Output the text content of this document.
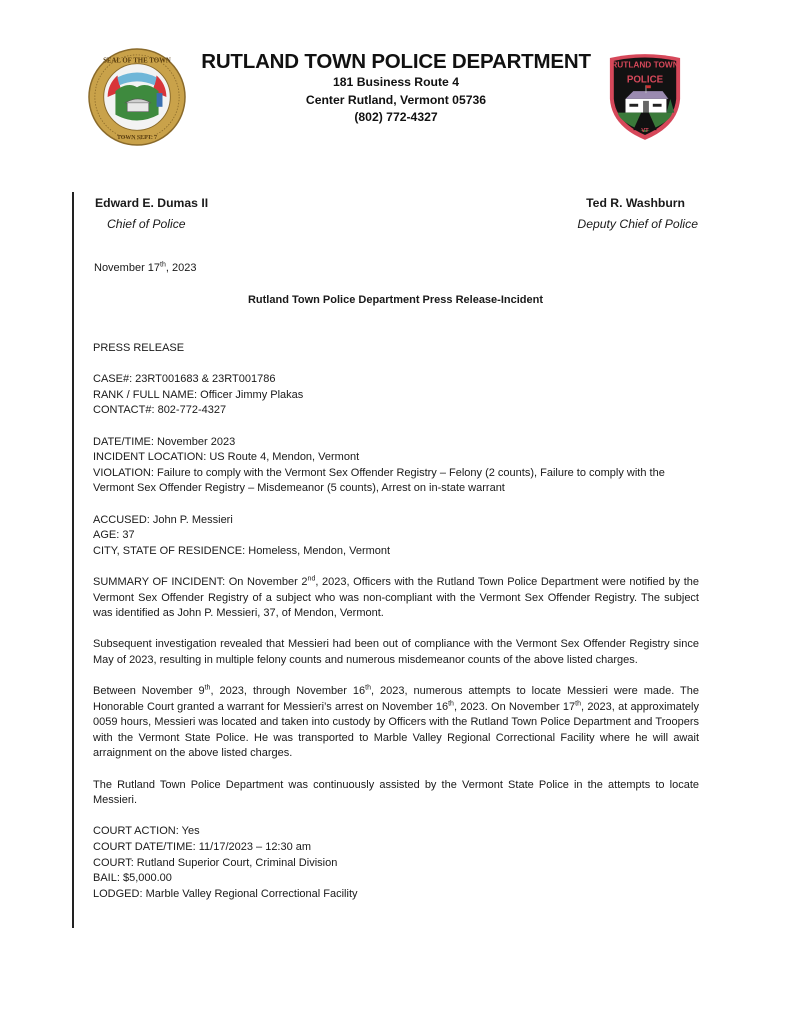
SEAL OF THE TOWN
TOWN SEPT. 7
RUTLAND TOWN POLICE DEPARTMENT
181 Business Route 4
Center Rutland, Vermont 05736
(802) 772-4327
RUTLAND TOWN
POLICE
VT
Edward E. Dumas II
Chief of Police
Ted R. Washburn
Deputy Chief of Police
November 17th, 2023
Rutland Town Police Department Press Release-Incident

PRESS RELEASE

CASE#: 23RT001683 & 23RT001786
RANK / FULL NAME: Officer Jimmy Plakas
CONTACT#: 802-772-4327

DATE/TIME: November 2023
INCIDENT LOCATION: US Route 4, Mendon, Vermont
VIOLATION: Failure to comply with the Vermont Sex Offender Registry – Felony (2 counts), Failure to comply with the Vermont Sex Offender Registry – Misdemeanor (5 counts), Arrest on in-state warrant

ACCUSED: John P. Messieri
AGE: 37
CITY, STATE OF RESIDENCE: Homeless, Mendon, Vermont

SUMMARY OF INCIDENT: On November 2nd, 2023, Officers with the Rutland Town Police Department were notified by the Vermont Sex Offender Registry of a subject who was non-compliant with the Vermont Sex Offender Registry. The subject was identified as John P. Messieri, 37, of Mendon, Vermont.

Subsequent investigation revealed that Messieri had been out of compliance with the Vermont Sex Offender Registry since May of 2023, resulting in multiple felony counts and numerous misdemeanor counts of the above listed charges.

Between November 9th, 2023, through November 16th, 2023, numerous attempts to locate Messieri were made. The Honorable Court granted a warrant for Messieri’s arrest on November 16th, 2023. On November 17th, 2023, at approximately 0059 hours, Messieri was located and taken into custody by Officers with the Rutland Town Police Department and Troopers with the Vermont State Police. He was transported to Marble Valley Regional Correctional Facility where he will await arraignment on the above listed charges.

The Rutland Town Police Department was continuously assisted by the Vermont State Police in the attempts to locate Messieri.

COURT ACTION: Yes
COURT DATE/TIME: 11/17/2023 – 12:30 am
COURT: Rutland Superior Court, Criminal Division
BAIL: $5,000.00
LODGED: Marble Valley Regional Correctional Facility
